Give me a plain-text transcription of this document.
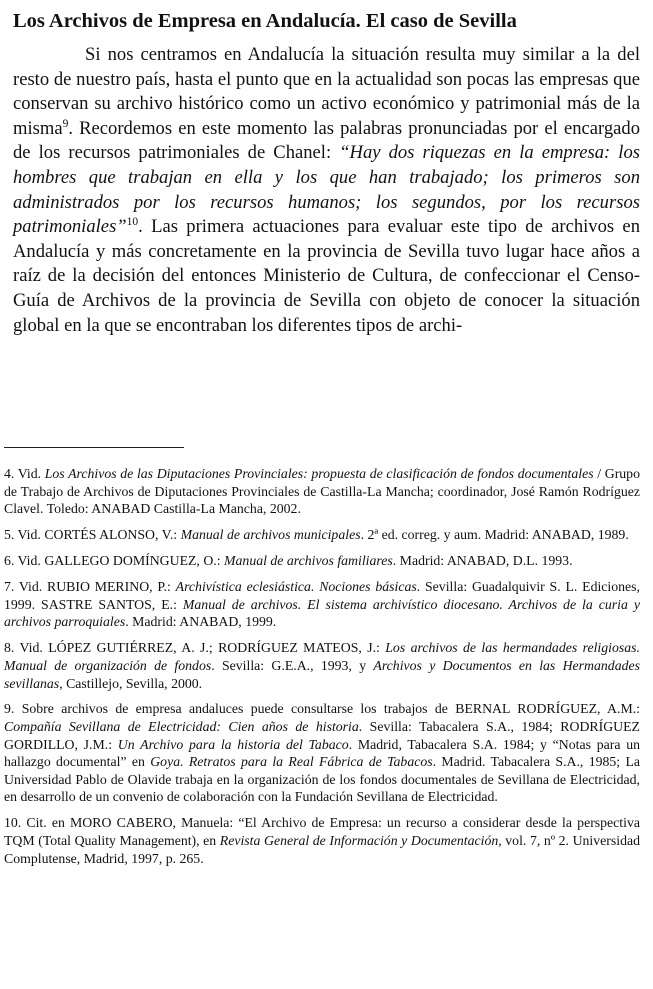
Los Archivos de Empresa en Andalucía. El caso de Sevilla

Si nos centramos en Andalucía la situación resulta muy similar a la del resto de nuestro país, hasta el punto que en la actualidad son pocas las empresas que conservan su archivo histórico como un activo económico y patrimonial más de la misma$^9$. Recordemos en este momento las palabras pronunciadas por el encargado de los recursos patrimoniales de Chanel: “Hay dos riquezas en la empresa: los hombres que trabajan en ella y los que han trabajado; los primeros son administrados por los recursos humanos; los segundos, por los recursos patrimoniales”$^{10}$. Las primera actuaciones para evaluar este tipo de archivos en Andalucía y más concretamente en la provincia de Sevilla tuvo lugar hace años a raíz de la decisión del entonces Ministerio de Cultura, de confeccionar el Censo-Guía de Archivos de la provincia de Sevilla con objeto de conocer la situación global en la que se encontraban los diferentes tipos de archi-

4. Vid. Los Archivos de las Diputaciones Provinciales: propuesta de clasificación de fondos documentales / Grupo de Trabajo de Archivos de Diputaciones Provinciales de Castilla-La Mancha; coordinador, José Ramón Rodríguez Clavel. Toledo: ANABAD Castilla-La Mancha, 2002.

5. Vid. CORTÉS ALONSO, V.: Manual de archivos municipales. 2ª ed. correg. y aum. Madrid: ANABAD, 1989.

6. Vid. GALLEGO DOMÍNGUEZ, O.: Manual de archivos familiares. Madrid: ANABAD, D.L. 1993.

7. Vid. RUBIO MERINO, P.: Archivística eclesiástica. Nociones básicas. Sevilla: Guadalquivir S. L. Ediciones, 1999. SASTRE SANTOS, E.: Manual de archivos. El sistema archivístico diocesano. Archivos de la curia y archivos parroquiales. Madrid: ANABAD, 1999.

8. Vid. LÓPEZ GUTIÉRREZ, A. J.; RODRÍGUEZ MATEOS, J.: Los archivos de las hermandades religiosas. Manual de organización de fondos. Sevilla: G.E.A., 1993, y Archivos y Documentos en las Hermandades sevillanas, Castillejo, Sevilla, 2000.

9. Sobre archivos de empresa andaluces puede consultarse los trabajos de BERNAL RODRÍGUEZ, A.M.: Compañía Sevillana de Electricidad: Cien años de historia. Sevilla: Tabacalera S.A., 1984; RODRÍGUEZ GORDILLO, J.M.: Un Archivo para la historia del Tabaco. Madrid, Tabacalera S.A. 1984; y “Notas para un hallazgo documental” en Goya. Retratos para la Real Fábrica de Tabacos. Madrid. Tabacalera S.A., 1985; La Universidad Pablo de Olavide trabaja en la organización de los fondos documentales de Sevillana de Electricidad, en desarrollo de un convenio de colaboración con la Fundación Sevillana de Electricidad.

10. Cit. en MORO CABERO, Manuela: “El Archivo de Empresa: un recurso a considerar desde la perspectiva TQM (Total Quality Management), en Revista General de Información y Documentación, vol. 7, nº 2. Universidad Complutense, Madrid, 1997, p. 265.
